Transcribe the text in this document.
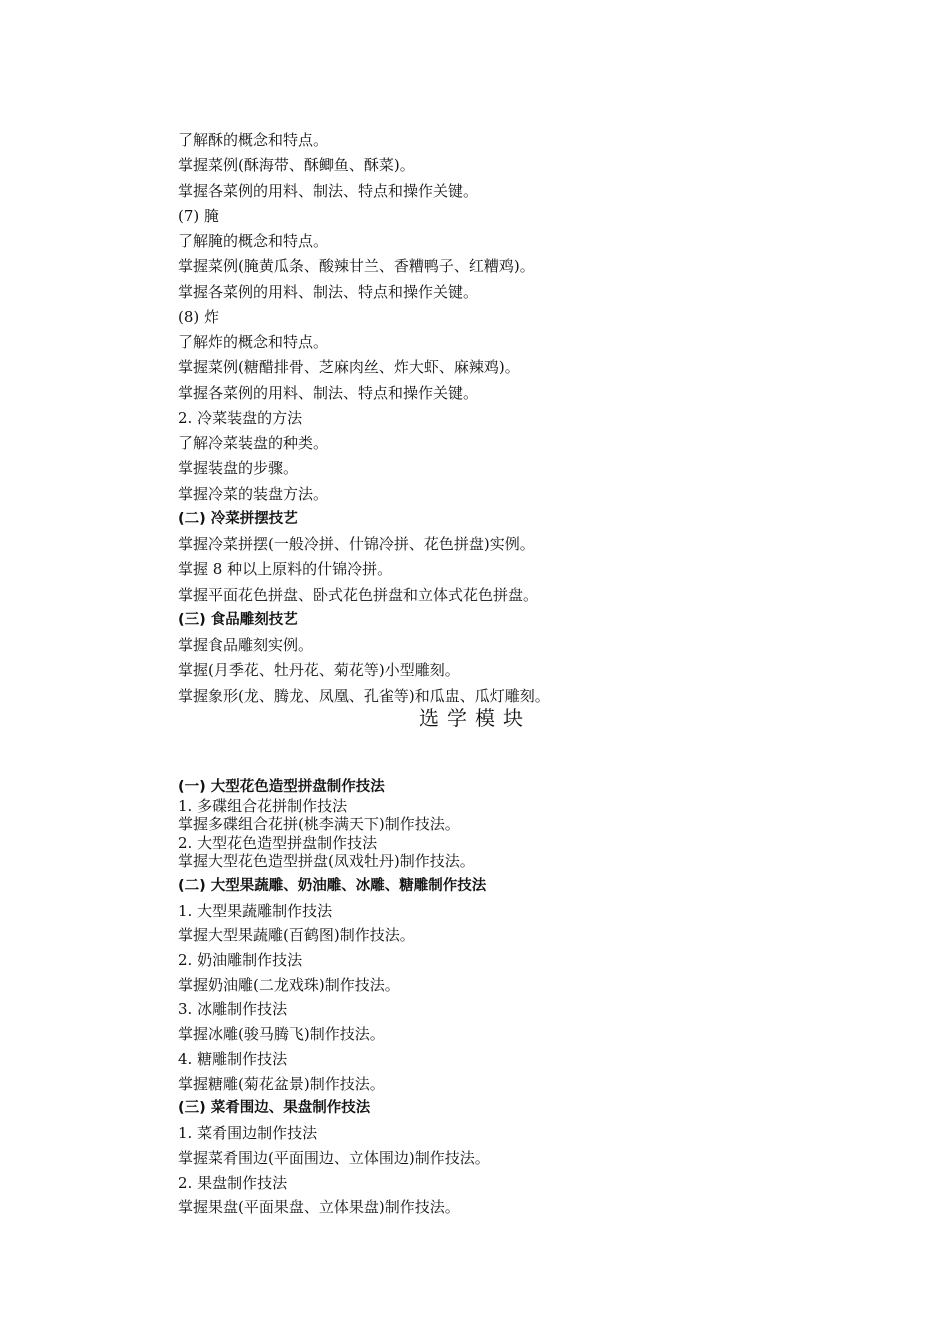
了解酥的概念和特点。
掌握菜例(酥海带、酥鲫鱼、酥菜)。
掌握各菜例的用料、制法、特点和操作关键。
(7) 腌
了解腌的概念和特点。
掌握菜例(腌黄瓜条、酸辣甘兰、香糟鸭子、红糟鸡)。
掌握各菜例的用料、制法、特点和操作关键。
(8) 炸
了解炸的概念和特点。
掌握菜例(糖醋排骨、芝麻肉丝、炸大虾、麻辣鸡)。
掌握各菜例的用料、制法、特点和操作关键。
2. 冷菜装盘的方法
了解冷菜装盘的种类。
掌握装盘的步骤。
掌握冷菜的装盘方法。
(二) 冷菜拼摆技艺
掌握冷菜拼摆(一般冷拼、什锦冷拼、花色拼盘)实例。
掌握 8 种以上原料的什锦冷拼。
掌握平面花色拼盘、卧式花色拼盘和立体式花色拼盘。
(三) 食品雕刻技艺
掌握食品雕刻实例。
掌握(月季花、牡丹花、菊花等)小型雕刻。
掌握象形(龙、腾龙、凤凰、孔雀等)和瓜盅、瓜灯雕刻。
选学模块
(一) 大型花色造型拼盘制作技法
1. 多碟组合花拼制作技法
掌握多碟组合花拼(桃李满天下)制作技法。
2. 大型花色造型拼盘制作技法
掌握大型花色造型拼盘(凤戏牡丹)制作技法。
(二) 大型果蔬雕、奶油雕、冰雕、糖雕制作技法
1. 大型果蔬雕制作技法
掌握大型果蔬雕(百鹤图)制作技法。
2. 奶油雕制作技法
掌握奶油雕(二龙戏珠)制作技法。
3. 冰雕制作技法
掌握冰雕(骏马腾飞)制作技法。
4. 糖雕制作技法
掌握糖雕(菊花盆景)制作技法。
(三) 菜肴围边、果盘制作技法
1. 菜肴围边制作技法
掌握菜肴围边(平面围边、立体围边)制作技法。
2. 果盘制作技法
掌握果盘(平面果盘、立体果盘)制作技法。
